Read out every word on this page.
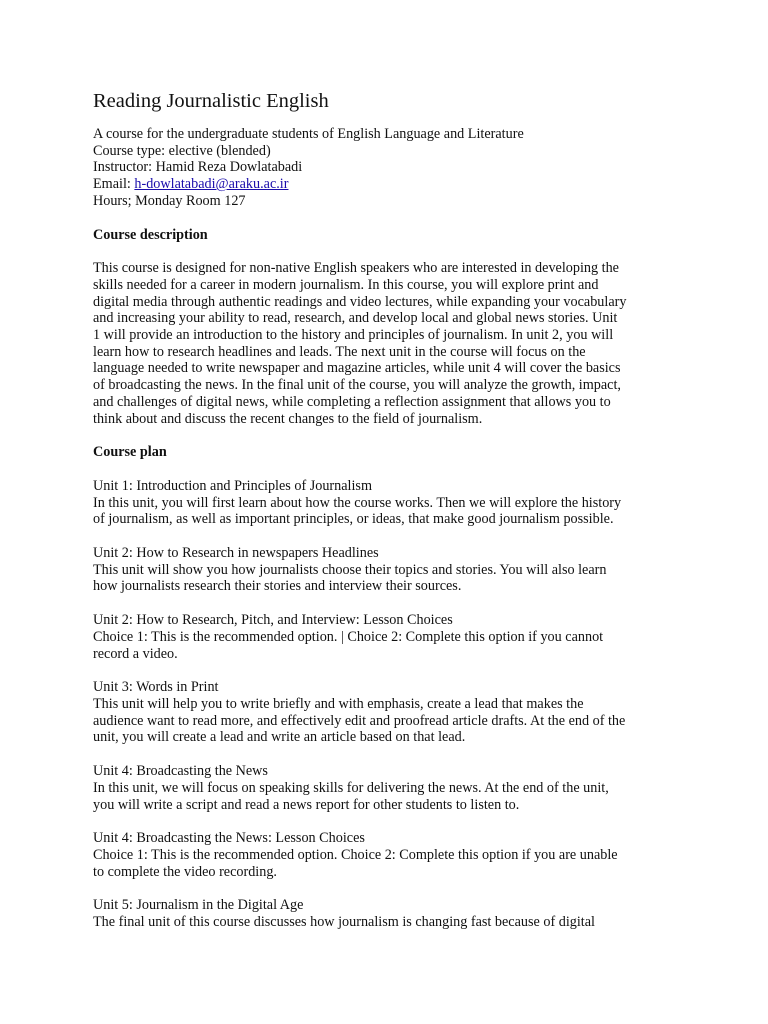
Reading Journalistic English
A course for the undergraduate students of English Language and Literature
Course type: elective (blended)
Instructor: Hamid Reza Dowlatabadi
Email: h-dowlatabadi@araku.ac.ir
Hours; Monday Room 127
Course description
This course is designed for non-native English speakers who are interested in developing the
skills needed for a career in modern journalism. In this course, you will explore print and
digital media through authentic readings and video lectures, while expanding your vocabulary
and increasing your ability to read, research, and develop local and global news stories. Unit
1 will provide an introduction to the history and principles of journalism. In unit 2, you will
learn how to research headlines and leads. The next unit in the course will focus on the
language needed to write newspaper and magazine articles, while unit 4 will cover the basics
of broadcasting the news. In the final unit of the course, you will analyze the growth, impact,
and challenges of digital news, while completing a reflection assignment that allows you to
think about and discuss the recent changes to the field of journalism.
Course plan
Unit 1: Introduction and Principles of Journalism
In this unit, you will first learn about how the course works. Then we will explore the history
of journalism, as well as important principles, or ideas, that make good journalism possible.
Unit 2: How to Research in newspapers Headlines
This unit will show you how journalists choose their topics and stories. You will also learn
how journalists research their stories and interview their sources.
Unit 2: How to Research, Pitch, and Interview: Lesson Choices
Choice 1: This is the recommended option. | Choice 2: Complete this option if you cannot
record a video.
Unit 3: Words in Print
This unit will help you to write briefly and with emphasis, create a lead that makes the
audience want to read more, and effectively edit and proofread article drafts. At the end of the
unit, you will create a lead and write an article based on that lead.
Unit 4: Broadcasting the News
In this unit, we will focus on speaking skills for delivering the news. At the end of the unit,
you will write a script and read a news report for other students to listen to.
Unit 4: Broadcasting the News: Lesson Choices
Choice 1: This is the recommended option. Choice 2: Complete this option if you are unable
to complete the video recording.
Unit 5: Journalism in the Digital Age
The final unit of this course discusses how journalism is changing fast because of digital
